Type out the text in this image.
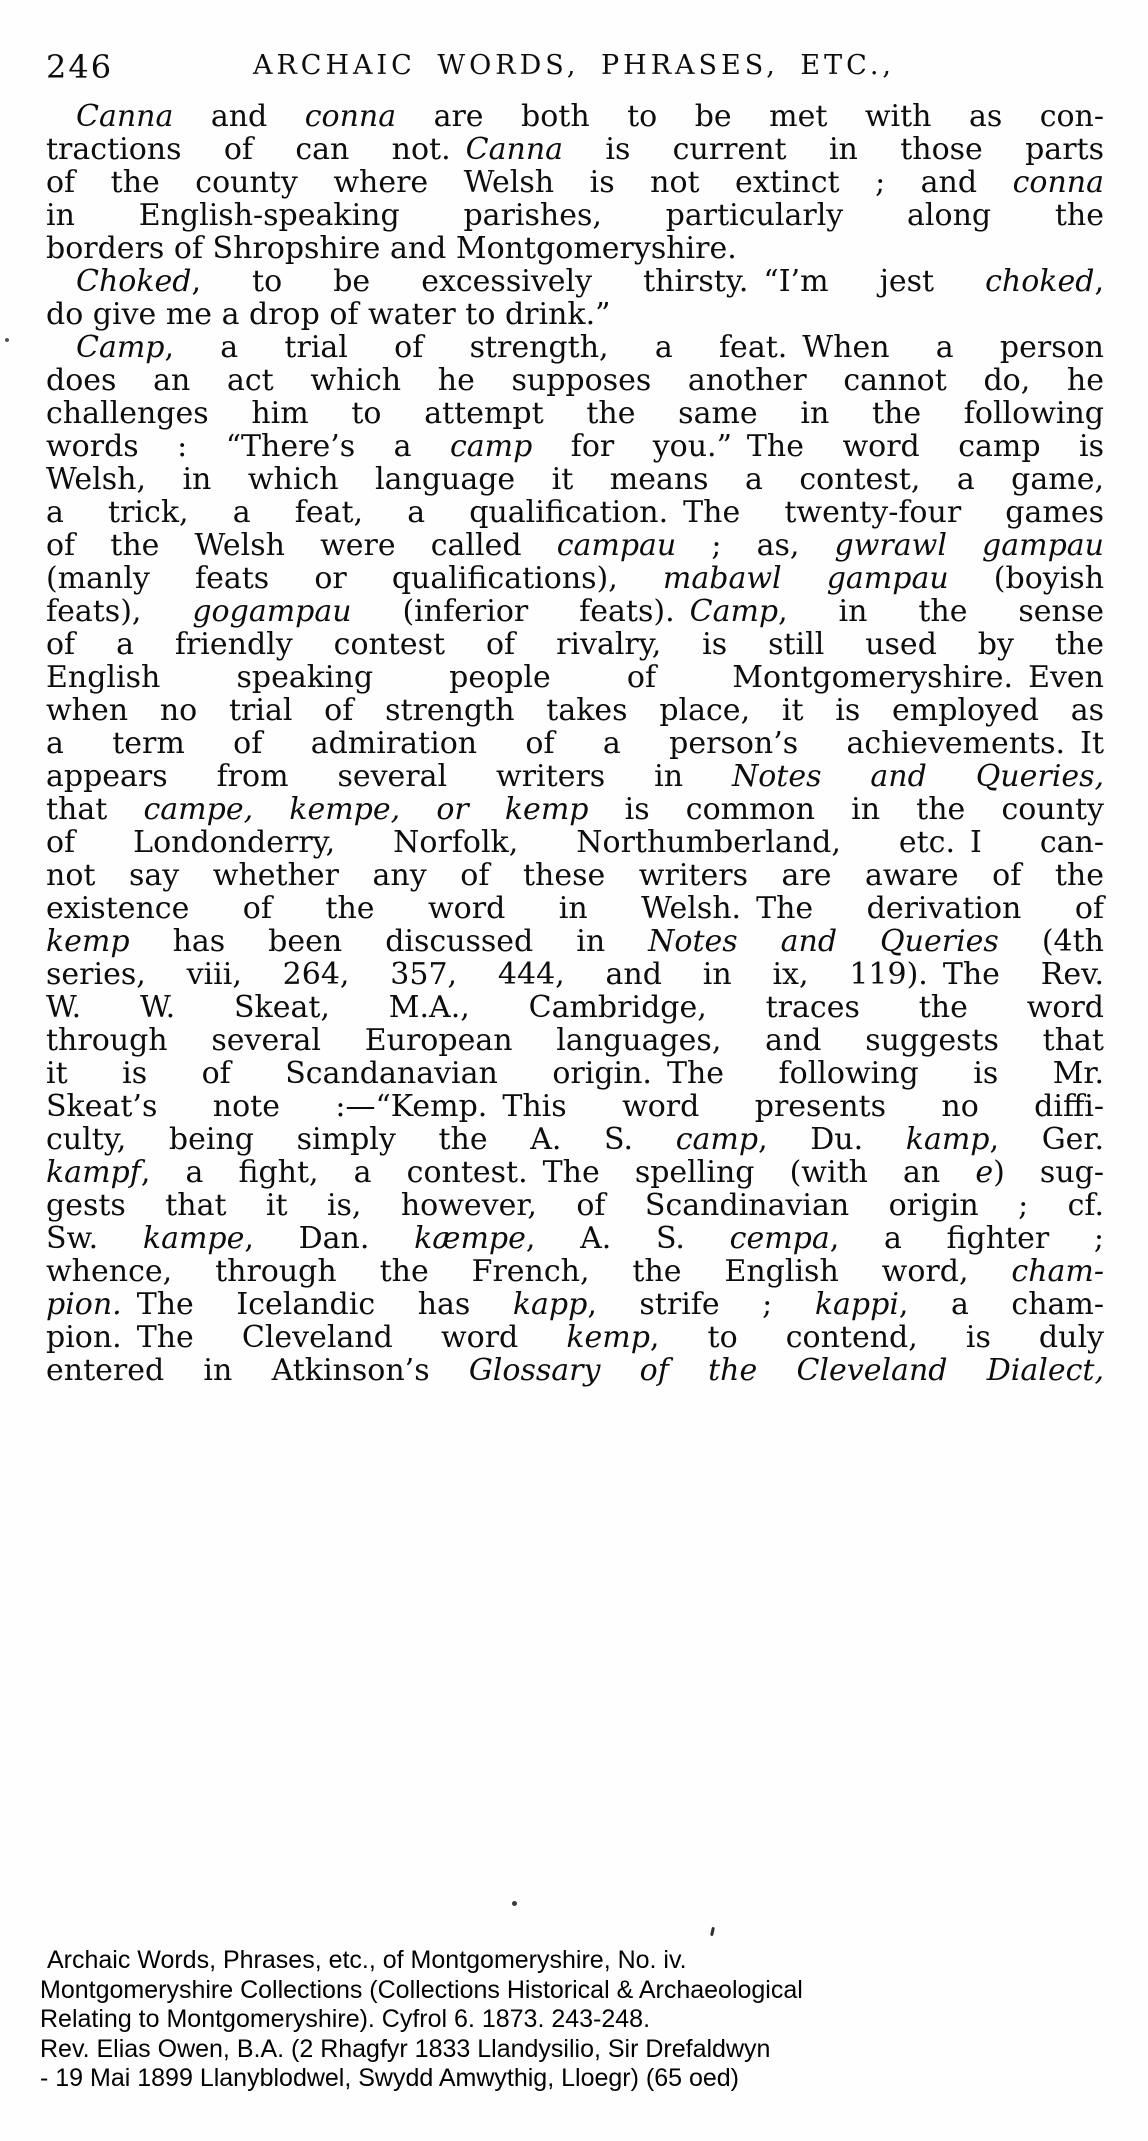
246	ARCHAIC WORDS, PHRASES, ETC.,
Canna and conna are both to be met with as con-
tractions of can not. Canna is current in those parts
of the county where Welsh is not extinct ; and conna
in English-speaking parishes, particularly along the
borders of Shropshire and Montgomeryshire.
Choked, to be excessively thirsty. “I’m jest choked,
do give me a drop of water to drink.”
Camp, a trial of strength, a feat. When a person
does an act which he supposes another cannot do, he
challenges him to attempt the same in the following
words : “There’s a camp for you.” The word camp is
Welsh, in which language it means a contest, a game,
a trick, a feat, a qualification. The twenty-four games
of the Welsh were called campau ; as, gwrawl gampau
(manly feats or qualifications), mabawl gampau (boyish
feats), gogampau (inferior feats). Camp, in the sense
of a friendly contest of rivalry, is still used by the
English speaking people of Montgomeryshire. Even
when no trial of strength takes place, it is employed as
a term of admiration of a person’s achievements. It
appears from several writers in Notes and Queries,
that campe, kempe, or kemp is common in the county
of Londonderry, Norfolk, Northumberland, etc. I can-
not say whether any of these writers are aware of the
existence of the word in Welsh. The derivation of
kemp has been discussed in Notes and Queries (4th
series, viii, 264, 357, 444, and in ix, 119). The Rev.
W. W. Skeat, M.A., Cambridge, traces the word
through several European languages, and suggests that
it is of Scandanavian origin. The following is Mr.
Skeat’s note :—“Kemp. This word presents no diffi-
culty, being simply the A. S. camp, Du. kamp, Ger.
kampf, a fight, a contest. The spelling (with an e) sug-
gests that it is, however, of Scandinavian origin ; cf.
Sw. kampe, Dan. kæmpe, A. S. cempa, a fighter ;
whence, through the French, the English word, cham-
pion. The Icelandic has kapp, strife ; kappi, a cham-
pion. The Cleveland word kemp, to contend, is duly
entered in Atkinson’s Glossary of the Cleveland Dialect,
Archaic Words, Phrases, etc., of Montgomeryshire, No. iv.
Montgomeryshire Collections (Collections Historical & Archaeological
Relating to Montgomeryshire). Cyfrol 6. 1873. 243-248.
Rev. Elias Owen, B.A. (2 Rhagfyr 1833 Llandysilio, Sir Drefaldwyn
- 19 Mai 1899 Llanyblodwel, Swydd Amwythig, Lloegr) (65 oed)
